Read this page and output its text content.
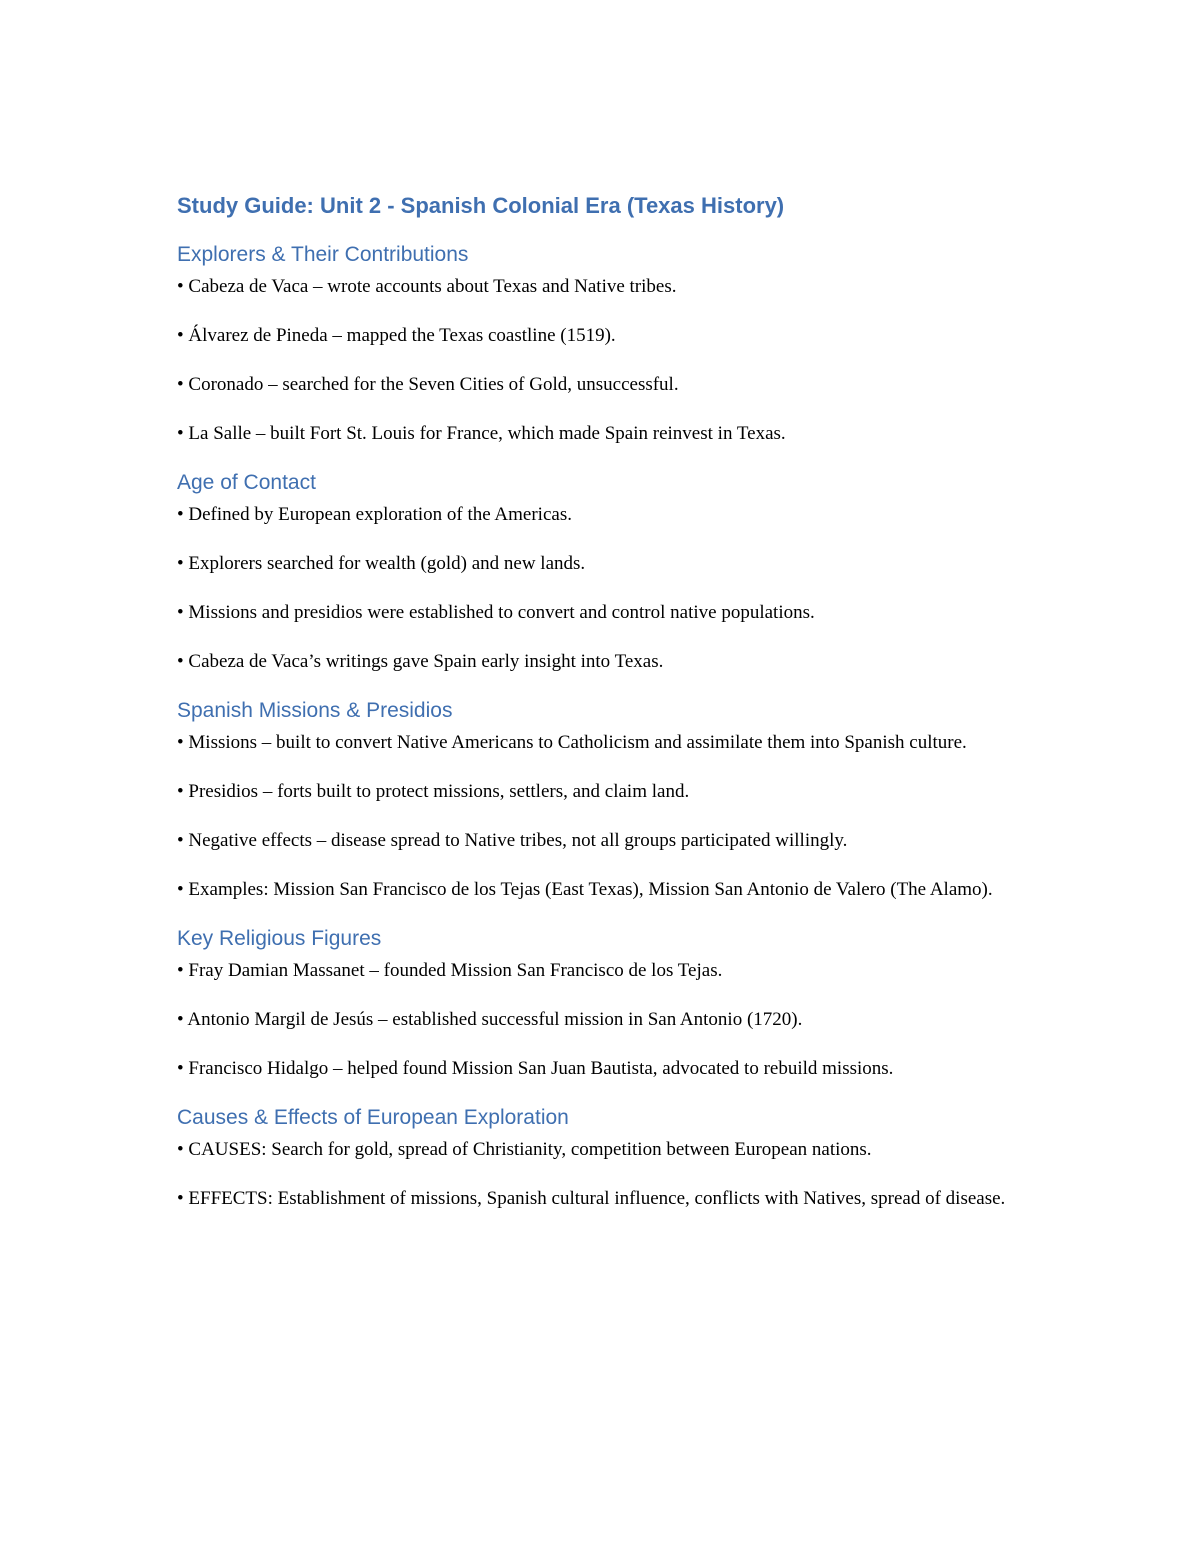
Study Guide: Unit 2 - Spanish Colonial Era (Texas History)
Explorers & Their Contributions

• Cabeza de Vaca – wrote accounts about Texas and Native tribes.

• Álvarez de Pineda – mapped the Texas coastline (1519).

• Coronado – searched for the Seven Cities of Gold, unsuccessful.

• La Salle – built Fort St. Louis for France, which made Spain reinvest in Texas.

Age of Contact

• Defined by European exploration of the Americas.

• Explorers searched for wealth (gold) and new lands.

• Missions and presidios were established to convert and control native populations.

• Cabeza de Vaca’s writings gave Spain early insight into Texas.

Spanish Missions & Presidios

• Missions – built to convert Native Americans to Catholicism and assimilate them into Spanish culture.

• Presidios – forts built to protect missions, settlers, and claim land.

• Negative effects – disease spread to Native tribes, not all groups participated willingly.

• Examples: Mission San Francisco de los Tejas (East Texas), Mission San Antonio de Valero (The Alamo).

Key Religious Figures

• Fray Damian Massanet – founded Mission San Francisco de los Tejas.

• Antonio Margil de Jesús – established successful mission in San Antonio (1720).

• Francisco Hidalgo – helped found Mission San Juan Bautista, advocated to rebuild missions.

Causes & Effects of European Exploration

• CAUSES: Search for gold, spread of Christianity, competition between European nations.

• EFFECTS: Establishment of missions, Spanish cultural influence, conflicts with Natives, spread of disease.
